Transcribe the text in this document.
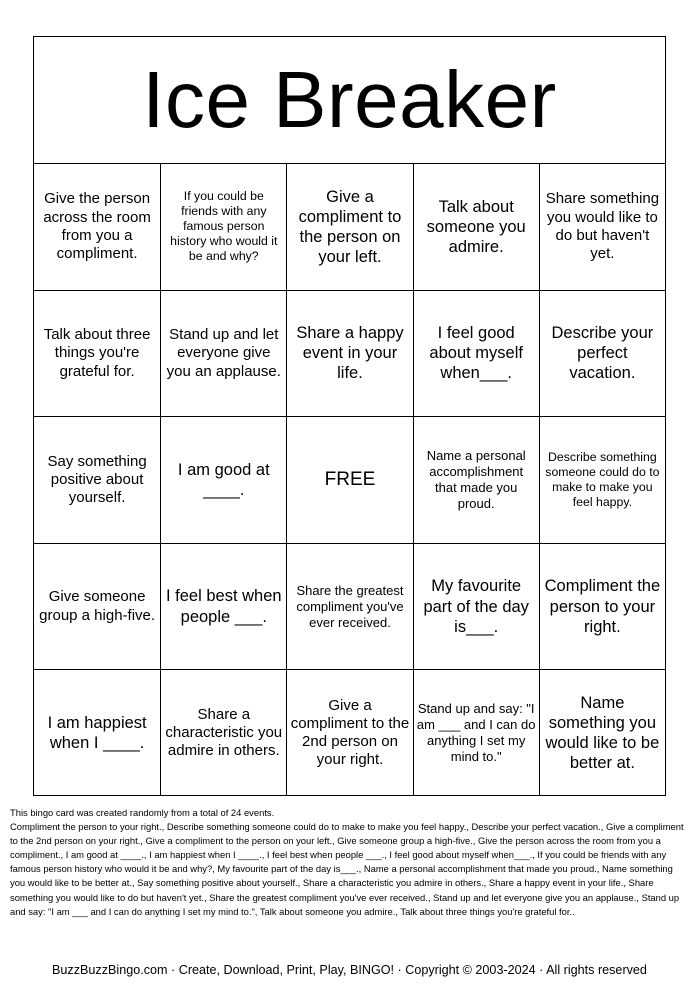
Ice Breaker
Give the person across the room from you a compliment.
If you could be friends with any famous person history who would it be and why?
Give a compliment to the person on your left.
Talk about someone you admire.
Share something you would like to do but haven't yet.
Talk about three things you're grateful for.
Stand up and let everyone give you an applause.
Share a happy event in your life.
I feel good about myself when___.
Describe your perfect vacation.
Say something positive about yourself.
I am good at ____.	FREE
Name a personal accomplishment that made you proud.
Describe something someone could do to make to make you feel happy.
Give someone group a high-five.
I feel best when people ___.
Share the greatest compliment you've ever received.
My favourite part of the day is___.
Compliment the person to your right.
I am happiest when I ____.
Share a characteristic you admire in others.
Give a compliment to the 2nd person on your right.
Stand up and say: "I am ___ and I can do anything I set my mind to."
Name something you would like to be better at.
This bingo card was created randomly from a total of 24 events.
Compliment the person to your right., Describe something someone could do to make to make you feel happy., Describe your perfect vacation., Give a compliment to the 2nd person on your right., Give a compliment to the person on your left., Give someone group a high-five., Give the person across the room from you a compliment., I am good at ____., I am happiest when I ____., I feel best when people ___., I feel good about myself when___., If you could be friends with any famous person history who would it be and why?, My favourite part of the day is___., Name a personal accomplishment that made you proud., Name something you would like to be better at., Say something positive about yourself., Share a characteristic you admire in others., Share a happy event in your life., Share something you would like to do but haven't yet., Share the greatest compliment you've ever received., Stand up and let everyone give you an applause., Stand up and say: "I am ___ and I can do anything I set my mind to.", Talk about someone you admire., Talk about three things you're grateful for..
BuzzBuzzBingo.com · Create, Download, Print, Play, BINGO! · Copyright © 2003-2024 · All rights reserved
